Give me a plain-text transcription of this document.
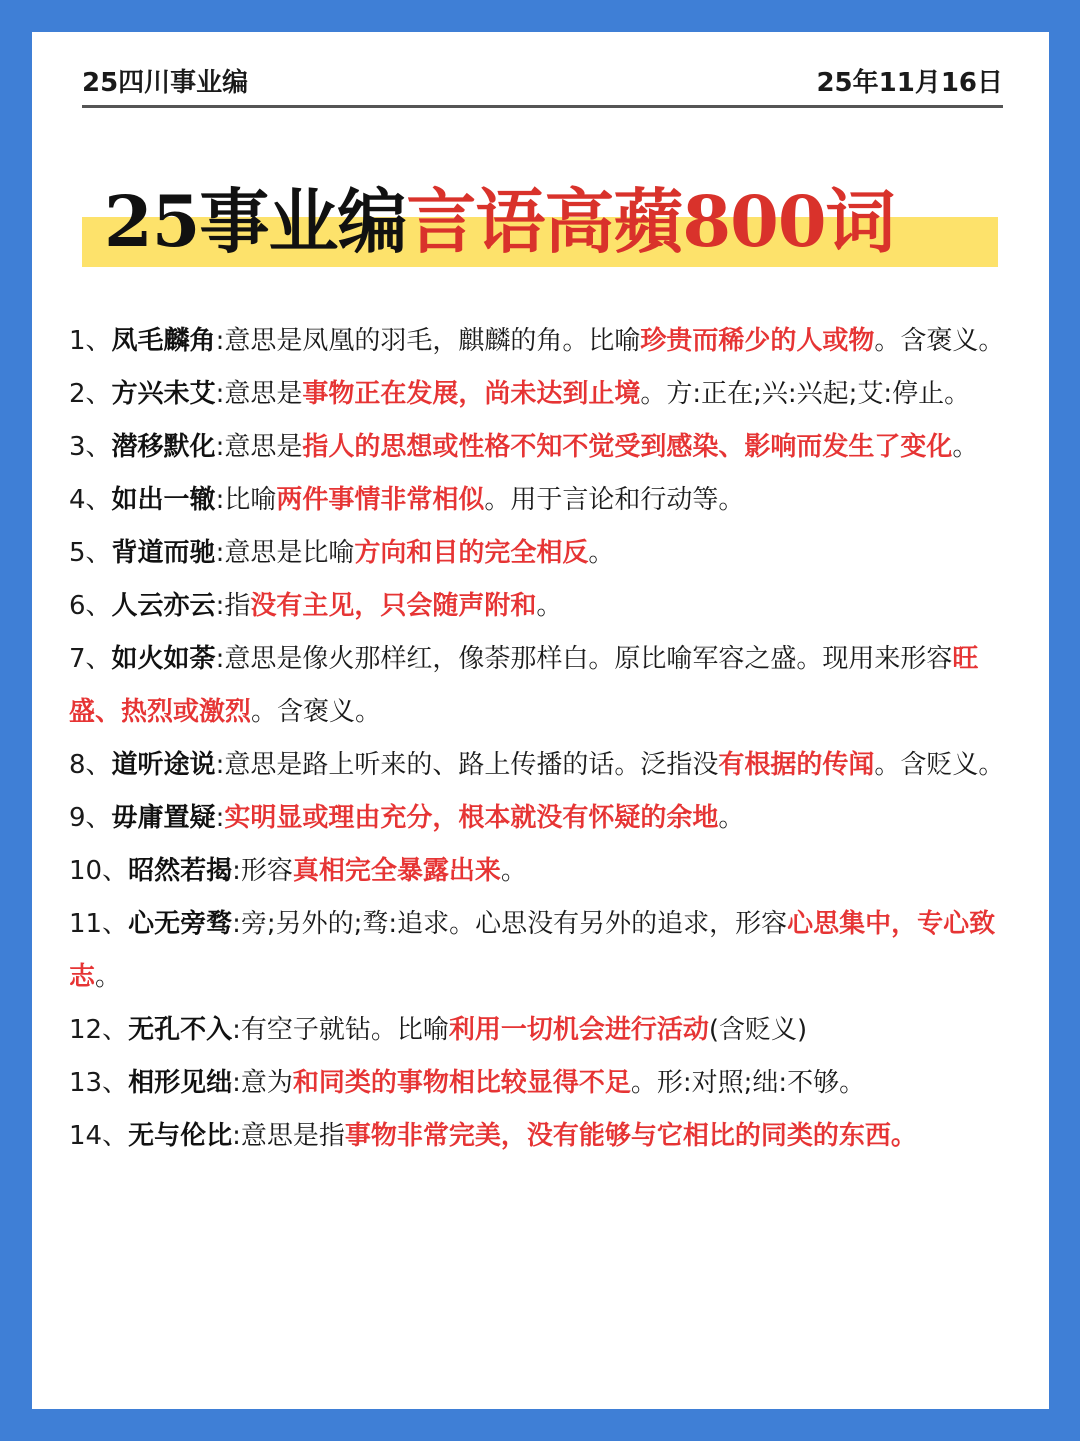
25四川事业编	25年11月16日
25事业编言语高蘋800词
1、凤毛麟角:意思是凤凰的羽毛，麒麟的角。比喻珍贵而稀少的人或物。含褒义。
2、方兴未艾:意思是事物正在发展，尚未达到止境。方:正在;兴:兴起;艾:停止。
3、潜移默化:意思是指人的思想或性格不知不觉受到感染、影响而发生了变化。
4、如出一辙:比喻两件事情非常相似。用于言论和行动等。
5、背道而驰:意思是比喻方向和目的完全相反。
6、人云亦云:指没有主见，只会随声附和。
7、如火如荼:意思是像火那样红，像荼那样白。原比喻军容之盛。现用来形容旺盛、热烈或激烈。含褒义。
8、道听途说:意思是路上听来的、路上传播的话。泛指没有根据的传闻。含贬义。
9、毋庸置疑:实明显或理由充分，根本就没有怀疑的余地。
10、昭然若揭:形容真相完全暴露出来。
11、心无旁骛:旁;另外的;骛:追求。心思没有另外的追求，形容心思集中，专心致志。
12、无孔不入:有空子就钻。比喻利用一切机会进行活动(含贬义)
13、相形见绌:意为和同类的事物相比较显得不足。形:对照;绌:不够。
14、无与伦比:意思是指事物非常完美，没有能够与它相比的同类的东西。
